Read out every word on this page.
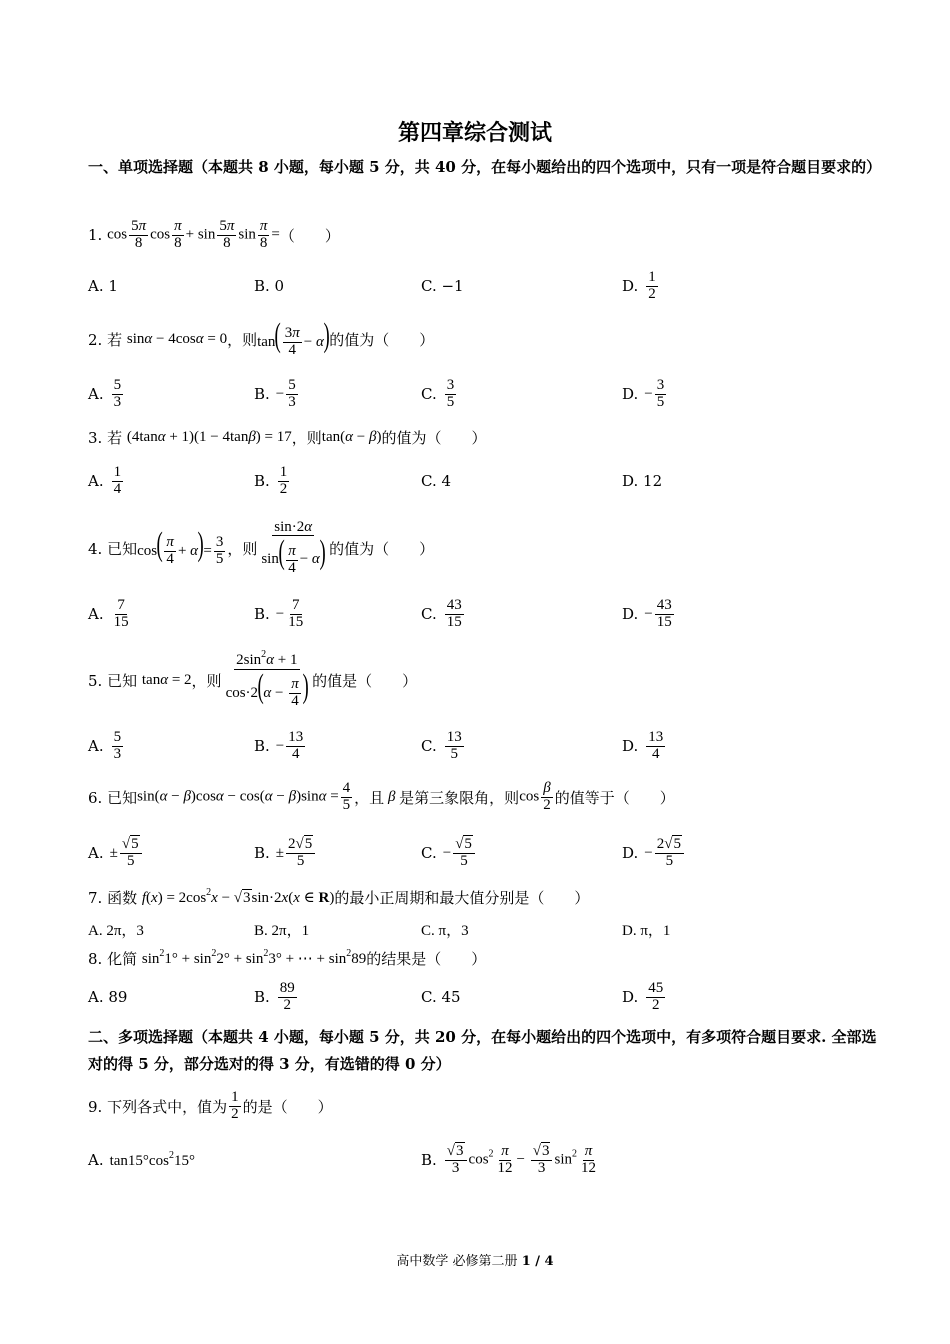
第四章综合测试
一、单项选择题（本题共 8 小题，每小题 5 分，共 40 分，在每小题给出的四个选项中，只有一项是符合题目要求的）
1.
$\cos \frac{5\pi}{8}$ $\cos \frac{\pi}{8} + \sin \frac{5\pi}{8}$ $\sin \frac{\pi}{8}$ = （　　）
A. 1	B. 0	C. −1	D. $\frac{1}{2}$
2. 若
sinα − 4cosα = 0 ，则 $\tan( \frac{3\pi}{4} - \alpha)$ 的值为（　　）
A. $\frac{5}{3}$	B. − $\frac{5}{3}$	C. $\frac{3}{5}$	D. − $\frac{3}{5}$
3. 若
(4tanα + 1)(1 − 4tanβ) = 17 ，则 tan(α − β) 的值为（　　）
A. $\frac{1}{4}$	B. $\frac{1}{2}$	C. 4	D. 12
4. 已知 $\cos( \frac{\pi}{4} + \alpha)= \frac{3}{5}$ ，则 $\frac{\sin\cdot 2\alpha}{\sin( \frac{\pi}{4} - \alpha)}$ 的值为（　　）
A. $\frac{7}{15}$	B. − $\frac{7}{15}$	C. $\frac{43}{15}$	D. − $\frac{43}{15}$
5. 已知
tanα = 2 ，则 $\frac{2\sin^2\alpha + 1}{\cos\cdot 2(\alpha - \frac{\pi}{4} )}$ 的值是（　　）
A. $\frac{5}{3}$	B. − $\frac{13}{4}$	C. $\frac{13}{5}$	D. $\frac{13}{4}$
6. 已知 $\sin(\alpha - \beta)\cos\alpha - \cos(\alpha - \beta)\sin\alpha = \frac{4}{5}$ ，且 β 是第三象限角，则 $\cos \frac{\beta}{2}$ 的值等于（　　）
A. ± $\frac{√5}{5}$	B. ± $\frac{2√5}{5}$	C. − $\frac{√5}{5}$	D. − $\frac{2√5}{5}$
7. 函数
$f(x) = 2\cos^2x - √3\sin\cdot 2x(x$ ∈ R) 的最小正周期和最大值分别是（　　）
A. 2π，3	B. 2π，1	C. π，3	D. π，1
8. 化简
$\sin^21^\circ + \sin^22^\circ + \sin^23^\circ$ + ⋯ + $\sin^289$ 的结果是（　　）
A. 89	B. $\frac{89}{2}$	C. 45	D. $\frac{45}{2}$
二、多项选择题（本题共 4 小题，每小题 5 分，共 20 分，在每小题给出的四个选项中，有多项符合题目要求. 全部选对的得 5 分，部分选对的得 3 分，有选错的得 0 分）
9. 下列各式中，值为 $\frac{1}{2}$ 的是（　　）
A. $\tan 15^\circ\cos^215^\circ$	B. $\frac{√3}{3} \cos^2 \frac{\pi}{12} - \frac{√3}{3} \sin^2 \frac{\pi}{12}$
高中数学 必修第二册 1 / 4
